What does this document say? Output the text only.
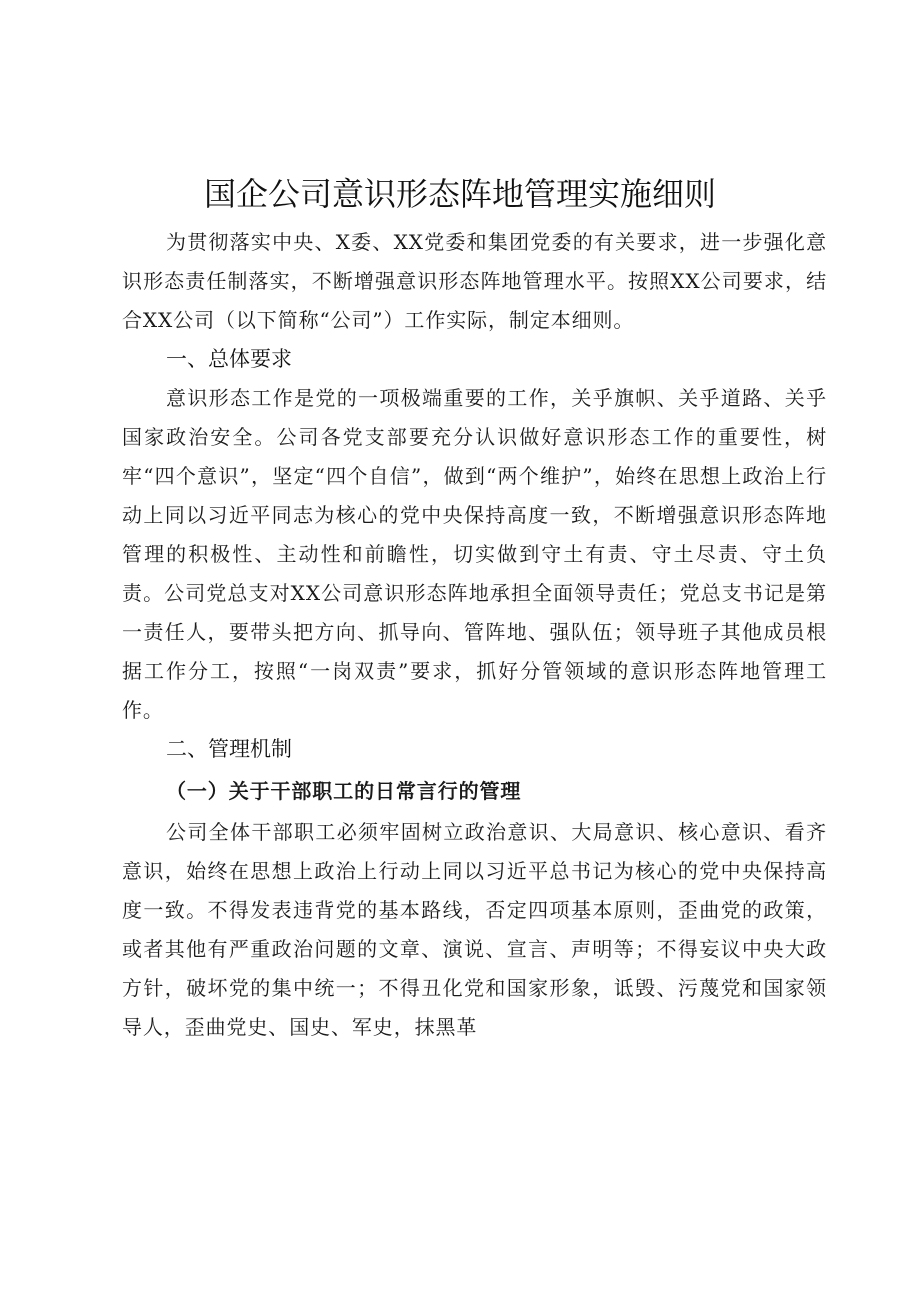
国企公司意识形态阵地管理实施细则

为贯彻落实中央、X委、XX党委和集团党委的有关要求，进一步强化意识形态责任制落实，不断增强意识形态阵地管理水平。按照XX公司要求，结合XX公司（以下简称“公司”）工作实际，制定本细则。

一、总体要求

意识形态工作是党的一项极端重要的工作，关乎旗帜、关乎道路、关乎国家政治安全。公司各党支部要充分认识做好意识形态工作的重要性，树牢“四个意识”，坚定“四个自信”，做到“两个维护”，始终在思想上政治上行动上同以习近平同志为核心的党中央保持高度一致，不断增强意识形态阵地管理的积极性、主动性和前瞻性，切实做到守土有责、守土尽责、守土负责。公司党总支对XX公司意识形态阵地承担全面领导责任；党总支书记是第一责任人，要带头把方向、抓导向、管阵地、强队伍；领导班子其他成员根据工作分工，按照“一岗双责”要求，抓好分管领域的意识形态阵地管理工作。

二、管理机制
（一）关于干部职工的日常言行的管理

公司全体干部职工必须牢固树立政治意识、大局意识、核心意识、看齐意识，始终在思想上政治上行动上同以习近平总书记为核心的党中央保持高度一致。不得发表违背党的基本路线，否定四项基本原则，歪曲党的政策，或者其他有严重政治问题的文章、演说、宣言、声明等；不得妄议中央大政方针，破坏党的集中统一；不得丑化党和国家形象，诋毁、污蔑党和国家领导人，歪曲党史、国史、军史，抹黑革
